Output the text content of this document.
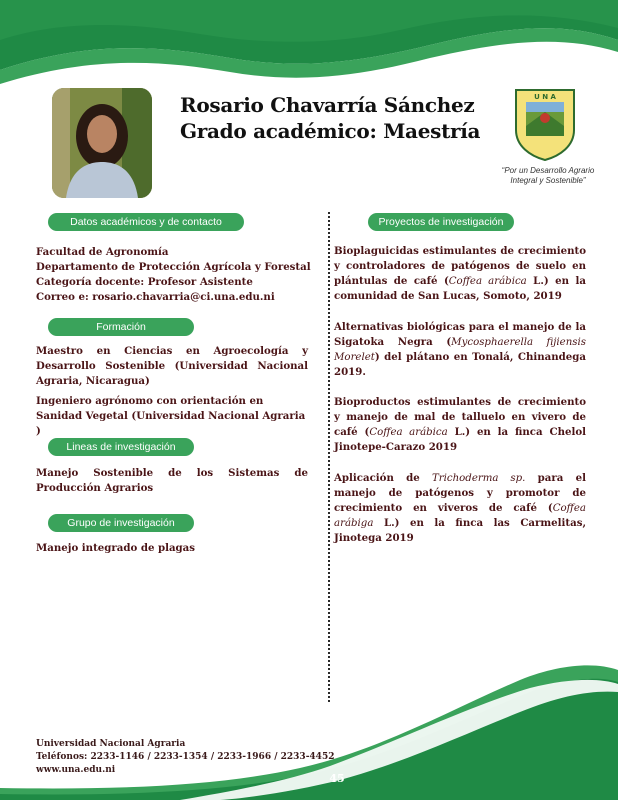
Rosario Chavarría Sánchez
Grado académico: Maestría
U N A
“Por un Desarrollo Agrario
Integral y Sostenible”
Datos académicos y de contacto
Facultad de Agronomía
Departamento de Protección Agrícola y Forestal
Categoría docente: Profesor Asistente
Correo e: rosario.chavarria@ci.una.edu.ni
Formación
Maestro en Ciencias en Agroecología y Desarrollo Sostenible (Universidad Nacional Agraria, Nicaragua)
Ingeniero agrónomo con orientación en Sanidad Vegetal (Universidad Nacional Agraria )
Lineas de investigación
Manejo Sostenible de los Sistemas de Producción Agrarios
Grupo de investigación
Manejo integrado de plagas
Proyectos de investigación
Bioplaguicidas estimulantes de crecimiento y controladores de patógenos de suelo en plántulas de café (Coffea arábica L.) en la comunidad de San Lucas, Somoto, 2019
Alternativas biológicas para el manejo de la Sigatoka Negra (Mycosphaerella fijiensis Morelet) del plátano en Tonalá, Chinandega 2019.
Bioproductos estimulantes de crecimiento y manejo de mal de talluelo en vivero de café (Coffea arábica L.) en la finca Chelol Jinotepe-Carazo 2019
Aplicación de Trichoderma sp. para el manejo de patógenos y promotor de crecimiento en viveros de café (Coffea arábiga L.) en la finca las Carmelitas, Jinotega 2019
Universidad Nacional Agraria
Teléfonos: 2233-1146 / 2233-1354 / 2233-1966 / 2233-4452
www.una.edu.ni
45
